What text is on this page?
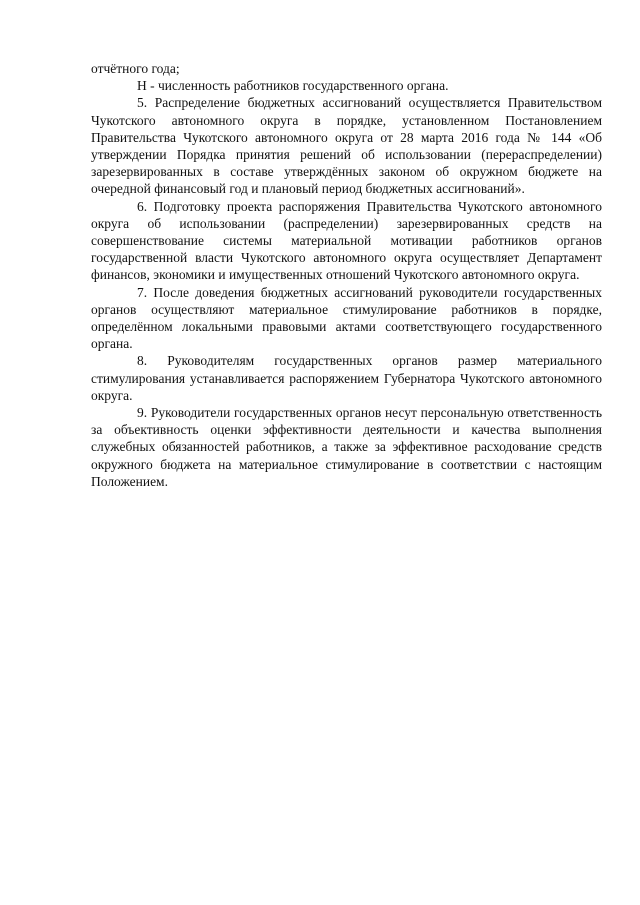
отчётного года;

Н - численность работников государственного органа.

5. Распределение бюджетных ассигнований осуществляется Правительством Чукотского автономного округа в порядке, установленном Постановлением Правительства Чукотского автономного округа от 28 марта 2016 года № 144 «Об утверждении Порядка принятия решений об использовании (перераспределении) зарезервированных в составе утверждённых законом об окружном бюджете на очередной финансовый год и плановый период бюджетных ассигнований».

6. Подготовку проекта распоряжения Правительства Чукотского автономного округа об использовании (распределении) зарезервированных средств на совершенствование системы материальной мотивации работников органов государственной власти Чукотского автономного округа осуществляет Департамент финансов, экономики и имущественных отношений Чукотского автономного округа.

7. После доведения бюджетных ассигнований руководители государственных органов осуществляют материальное стимулирование работников в порядке, определённом локальными правовыми актами соответствующего государственного органа.

8. Руководителям государственных органов размер материального стимулирования устанавливается распоряжением Губернатора Чукотского автономного округа.

9. Руководители государственных органов несут персональную ответственность за объективность оценки эффективности деятельности и качества выполнения служебных обязанностей работников, а также за эффективное расходование средств окружного бюджета на материальное стимулирование в соответствии с настоящим Положением.
